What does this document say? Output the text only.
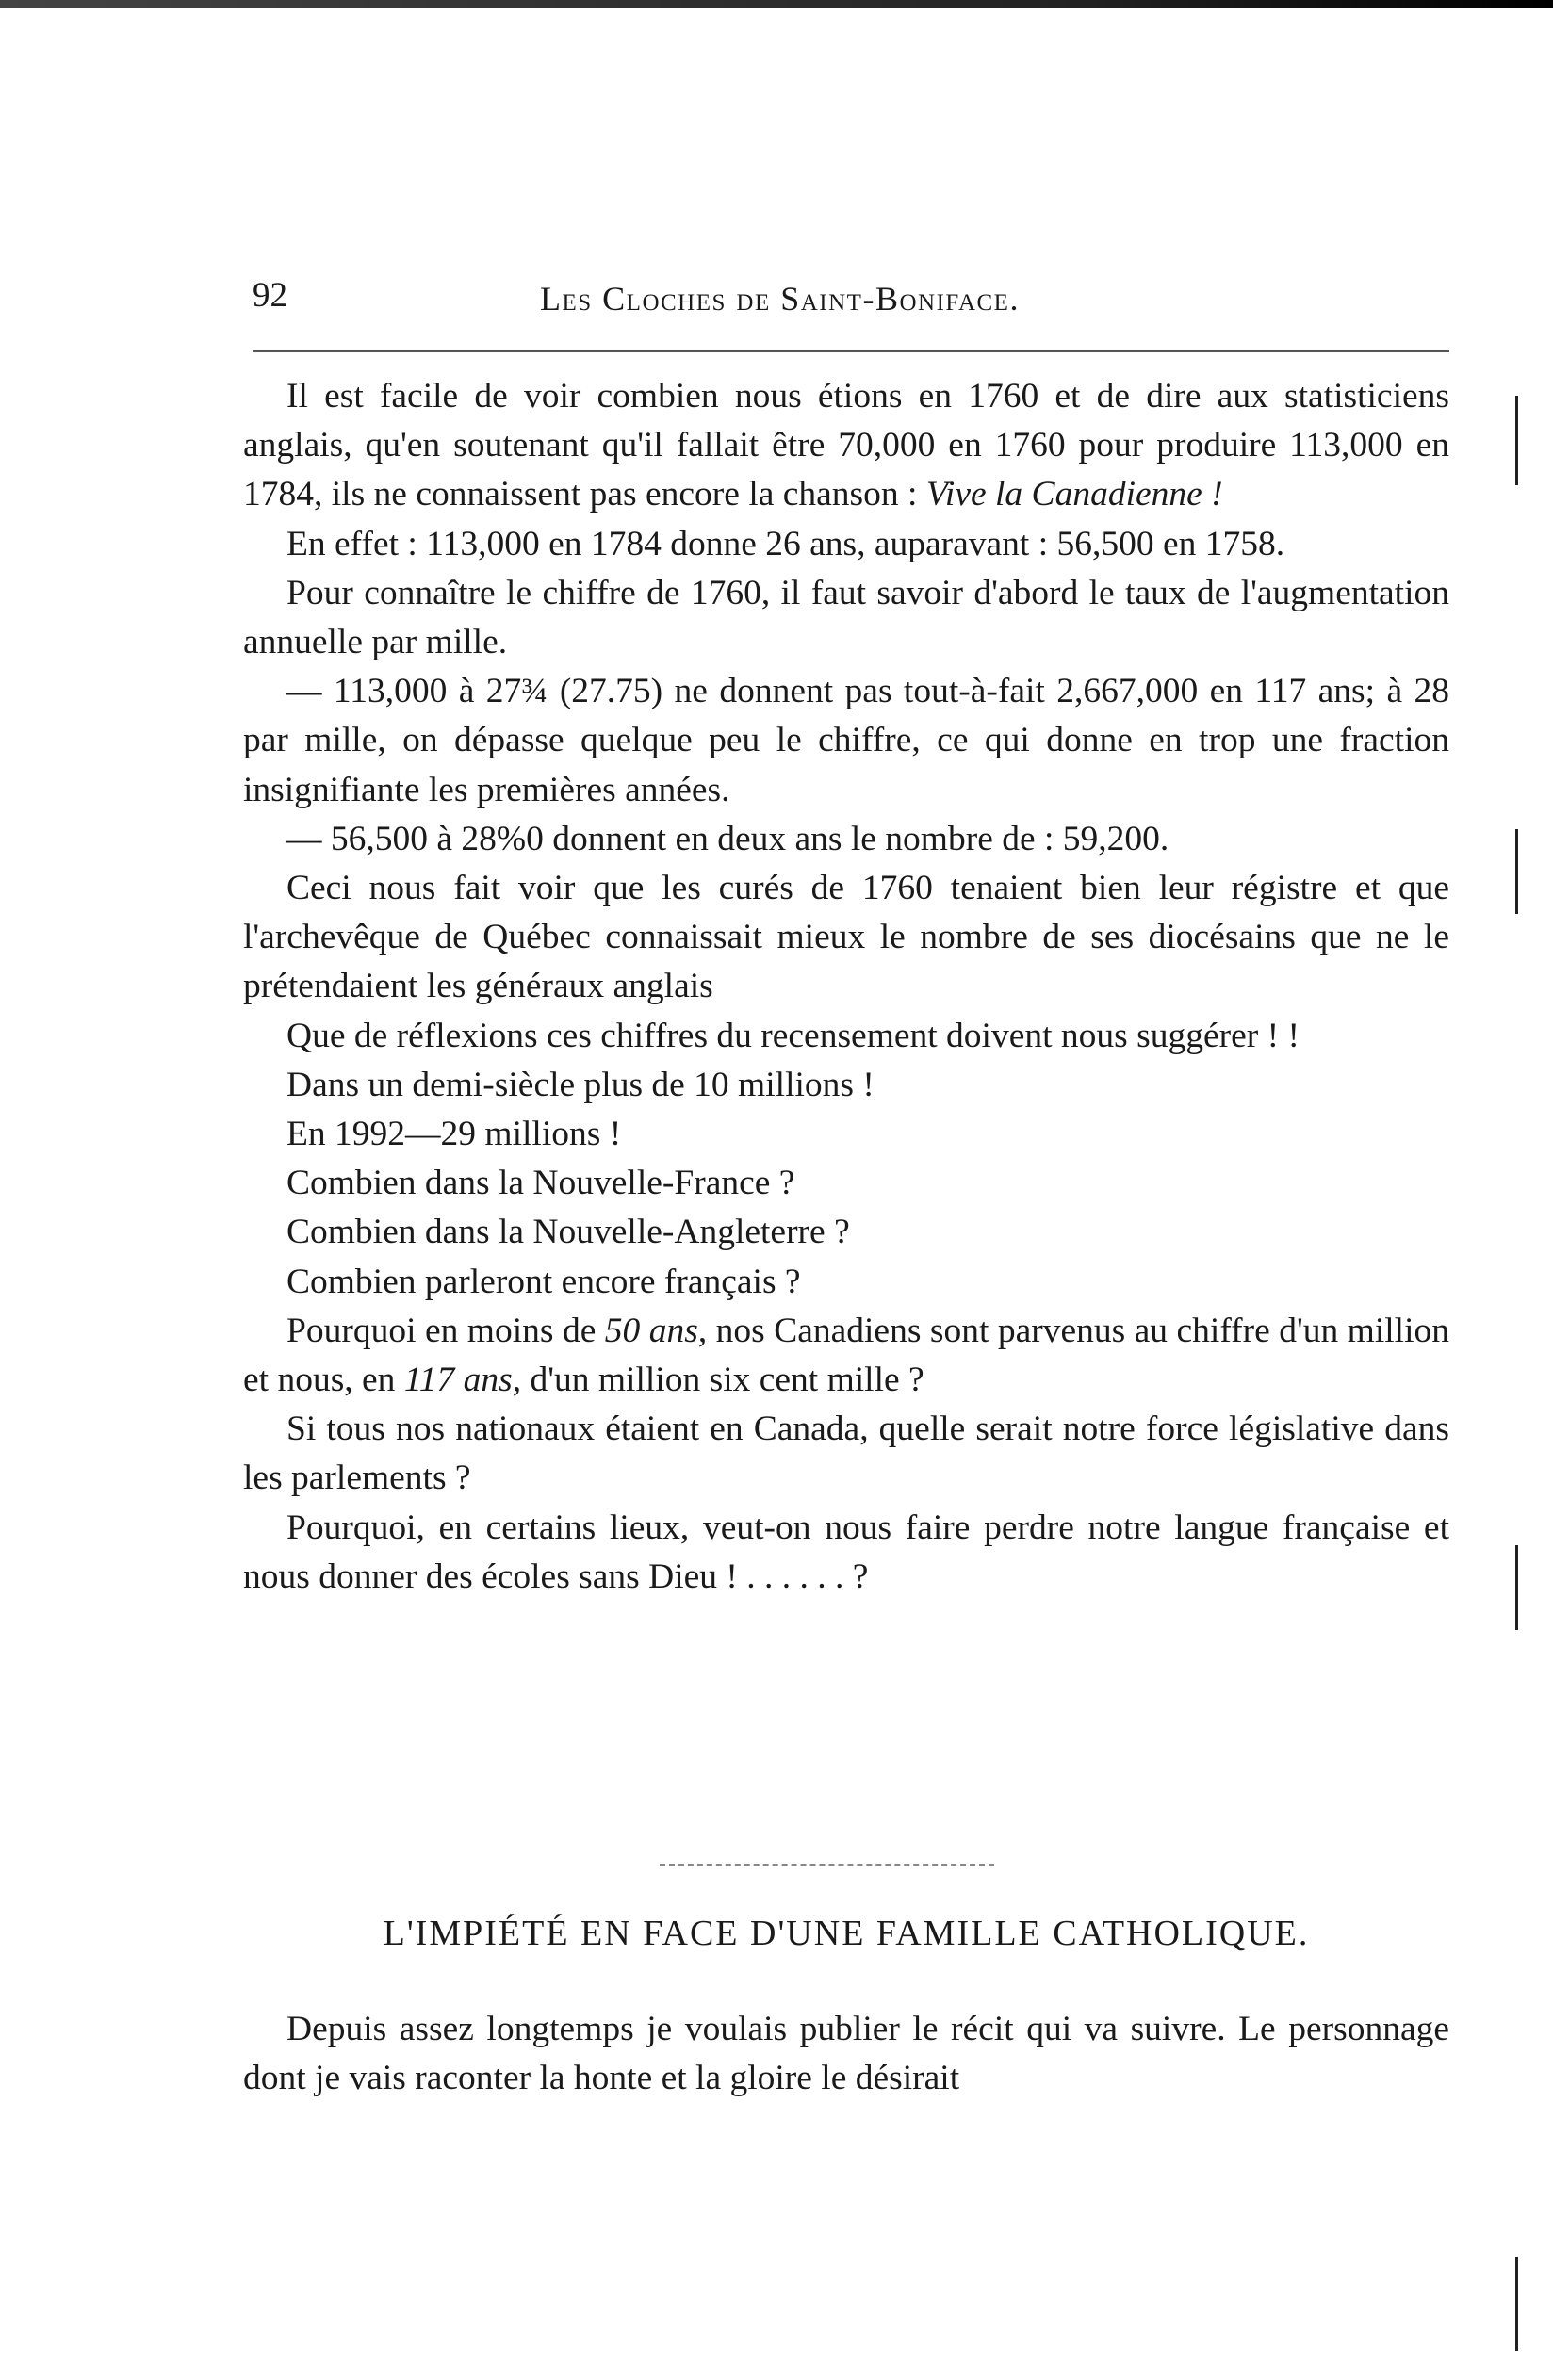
92	Les Cloches de Saint-Boniface.

Il est facile de voir combien nous étions en 1760 et de dire aux statisticiens anglais, qu'en soutenant qu'il fallait être 70,000 en 1760 pour produire 113,000 en 1784, ils ne connaissent pas encore la chanson : Vive la Canadienne !

En effet : 113,000 en 1784 donne 26 ans, auparavant : 56,500 en 1758.

Pour connaître le chiffre de 1760, il faut savoir d'abord le taux de l'augmentation annuelle par mille.

— 113,000 à 27¾ (27.75) ne donnent pas tout-à-fait 2,667,000 en 117 ans; à 28 par mille, on dépasse quelque peu le chiffre, ce qui donne en trop une fraction insignifiante les premières années.

— 56,500 à 28%0 donnent en deux ans le nombre de : 59,200.

Ceci nous fait voir que les curés de 1760 tenaient bien leur régistre et que l'archevêque de Québec connaissait mieux le nombre de ses diocésains que ne le prétendaient les généraux anglais

Que de réflexions ces chiffres du recensement doivent nous suggérer ! !

Dans un demi-siècle plus de 10 millions !

En 1992—29 millions !

Combien dans la Nouvelle-France ?

Combien dans la Nouvelle-Angleterre ?

Combien parleront encore français ?

Pourquoi en moins de 50 ans, nos Canadiens sont parvenus au chiffre d'un million et nous, en 117 ans, d'un million six cent mille ?

Si tous nos nationaux étaient en Canada, quelle serait notre force législative dans les parlements ?

Pourquoi, en certains lieux, veut-on nous faire perdre notre langue française et nous donner des écoles sans Dieu ! . . . . . . ?

L'IMPIÉTÉ EN FACE D'UNE FAMILLE CATHOLIQUE.

Depuis assez longtemps je voulais publier le récit qui va suivre. Le personnage dont je vais raconter la honte et la gloire le désirait
